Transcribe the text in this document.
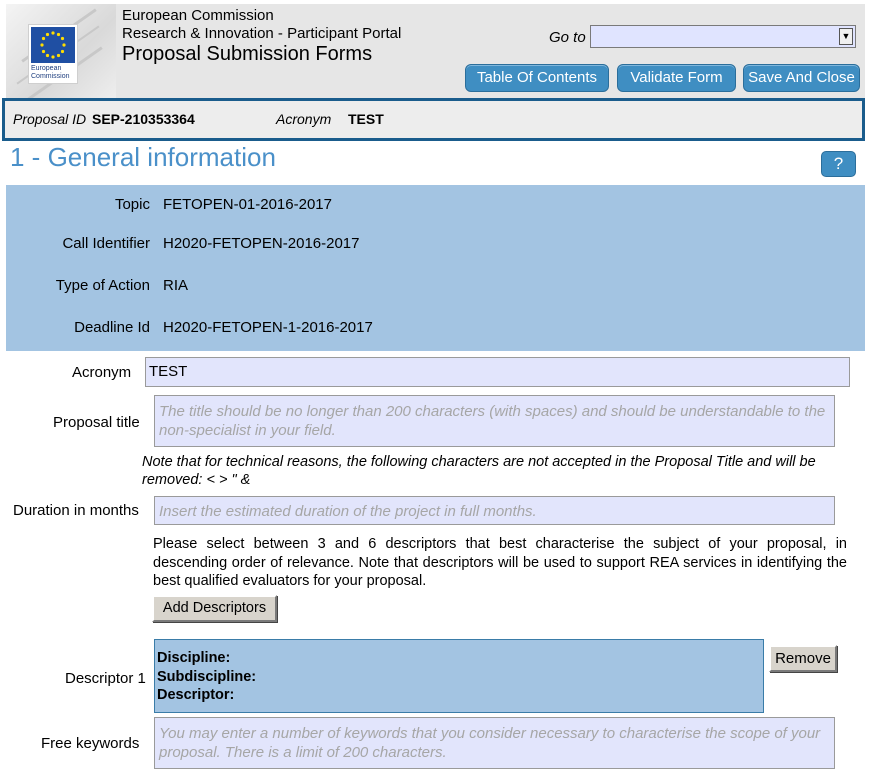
European
Commission
European Commission
Research & Innovation - Participant Portal
Proposal Submission Forms
Go to	▼
Table Of Contents	Validate Form	Save And Close
Proposal ID SEP-210353364	Acronym TEST
1 - General information	?
Topic FETOPEN-01-2016-2017
Call Identifier H2020-FETOPEN-2016-2017
Type of Action RIA
Deadline Id H2020-FETOPEN-1-2016-2017
Acronym TEST
Proposal title
The title should be no longer than 200 characters (with spaces) and should be understandable to the non-specialist in your field.
Note that for technical reasons, the following characters are not accepted in the Proposal Title and will be removed: < > " &
Duration in months Insert the estimated duration of the project in full months.
Please select between 3 and 6 descriptors that best characterise the subject of your proposal, in descending order of relevance. Note that descriptors will be used to support REA services in identifying the best qualified evaluators for your proposal.
Add Descriptors
Descriptor 1
Discipline:
Subdiscipline:
Descriptor:
Remove
Free keywords
You may enter a number of keywords that you consider necessary to characterise the scope of your proposal. There is a limit of 200 characters.
